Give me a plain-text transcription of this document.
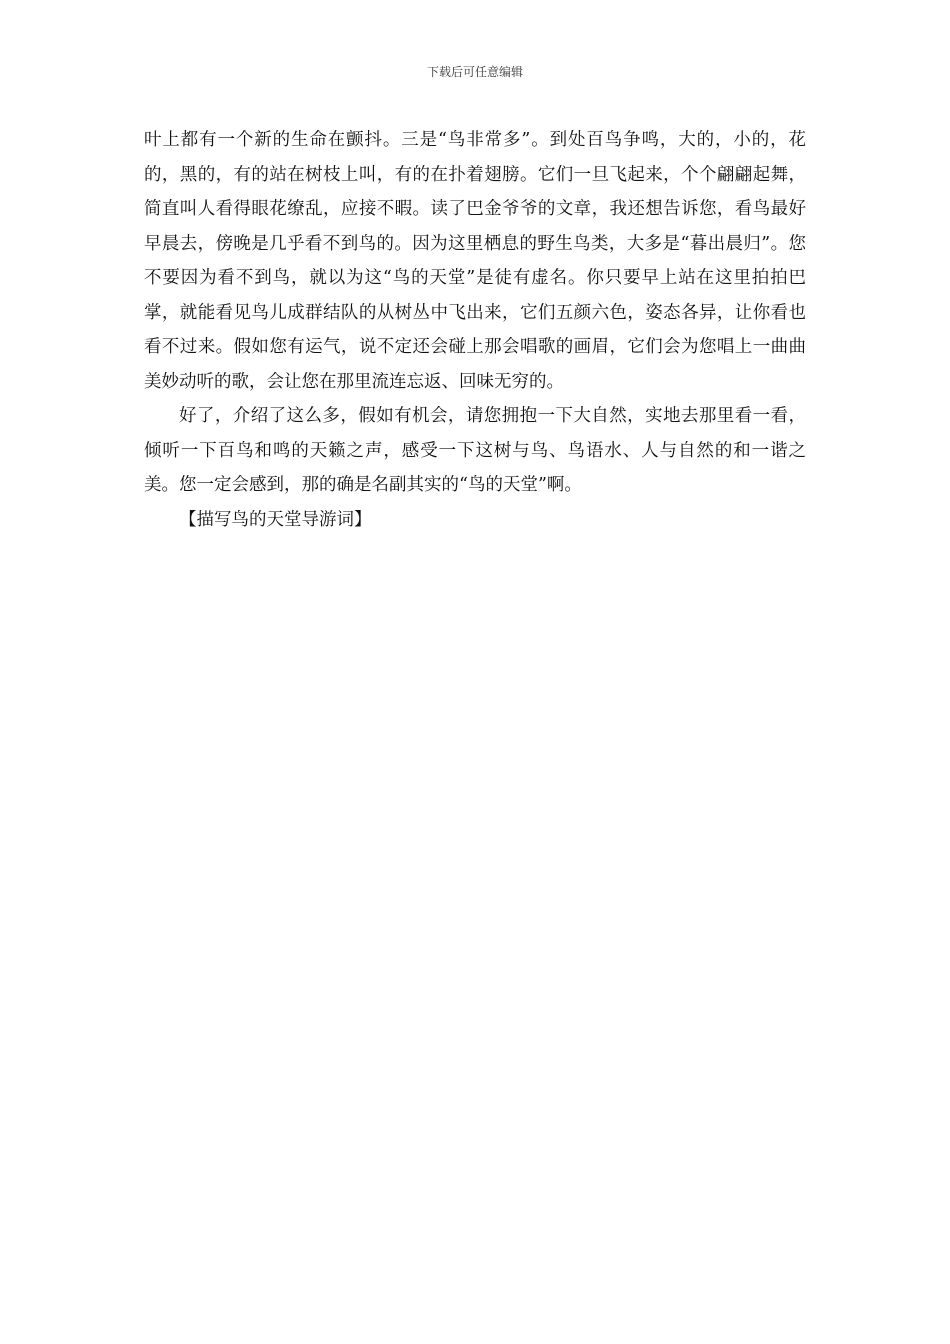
下载后可任意编辑

叶上都有一个新的生命在颤抖。三是“鸟非常多”。到处百鸟争鸣，大的，小的，花的，黑的，有的站在树枝上叫，有的在扑着翅膀。它们一旦飞起来，个个翩翩起舞，简直叫人看得眼花缭乱，应接不暇。读了巴金爷爷的文章，我还想告诉您，看鸟最好早晨去，傍晚是几乎看不到鸟的。因为这里栖息的野生鸟类，大多是“暮出晨归”。您不要因为看不到鸟，就以为这“鸟的天堂”是徒有虚名。你只要早上站在这里拍拍巴掌，就能看见鸟儿成群结队的从树丛中飞出来，它们五颜六色，姿态各异，让你看也看不过来。假如您有运气，说不定还会碰上那会唱歌的画眉，它们会为您唱上一曲曲美妙动听的歌，会让您在那里流连忘返、回味无穷的。

好了，介绍了这么多，假如有机会，请您拥抱一下大自然，实地去那里看一看，倾听一下百鸟和鸣的天籁之声，感受一下这树与鸟、鸟语水、人与自然的和一谐之美。您一定会感到，那的确是名副其实的“鸟的天堂”啊。

【描写鸟的天堂导游词】
